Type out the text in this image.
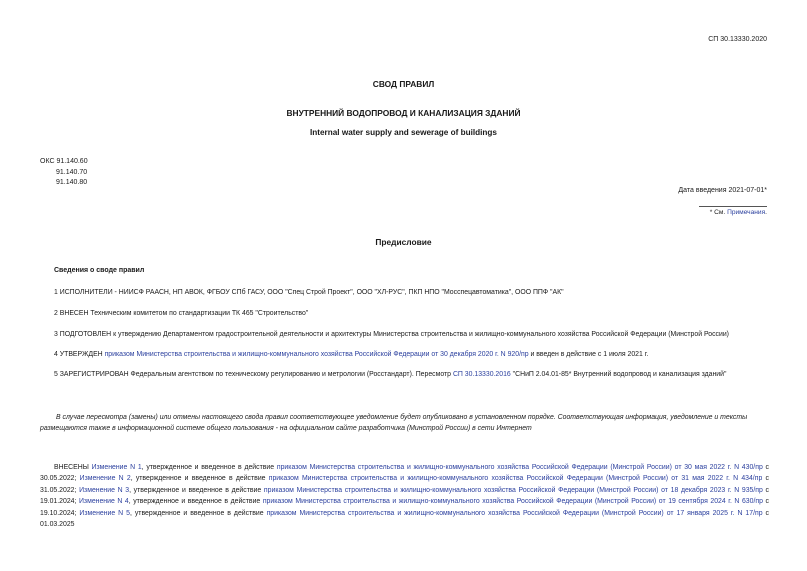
СП 30.13330.2020
СВОД ПРАВИЛ
ВНУТРЕННИЙ ВОДОПРОВОД И КАНАЛИЗАЦИЯ ЗДАНИЙ
Internal water supply and sewerage of buildings
ОКС 91.140.60
91.140.70
91.140.80
Дата введения 2021-07-01*
* См. Примечания.
Предисловие
Сведения о своде правил
1 ИСПОЛНИТЕЛИ - НИИСФ РААСН, НП АВОК, ФГБОУ СПб ГАСУ, ООО "Спец Строй Проект", ООО "ХЛ-РУС", ПКП НПО "Мосспецавтоматика", ООО ППФ "АК"
2 ВНЕСЕН Техническим комитетом по стандартизации ТК 465 "Строительство"
3 ПОДГОТОВЛЕН к утверждению Департаментом градостроительной деятельности и архитектуры Министерства строительства и жилищно-коммунального хозяйства Российской Федерации (Минстрой России)
4 УТВЕРЖДЕН приказом Министерства строительства и жилищно-коммунального хозяйства Российской Федерации от 30 декабря 2020 г. N 920/пр и введен в действие с 1 июля 2021 г.
5 ЗАРЕГИСТРИРОВАН Федеральным агентством по техническому регулированию и метрологии (Росстандарт). Пересмотр СП 30.13330.2016 "СНиП 2.04.01-85* Внутренний водопровод и канализация зданий"
В случае пересмотра (замены) или отмены настоящего свода правил соответствующее уведомление будет опубликовано в установленном порядке. Соответствующая информация, уведомление и тексты размещаются также в информационной системе общего пользования - на официальном сайте разработчика (Минстрой России) в сети Интернет
ВНЕСЕНЫ Изменение N 1, утвержденное и введенное в действие приказом Министерства строительства и жилищно-коммунального хозяйства Российской Федерации (Минстрой России) от 30 мая 2022 г. N 430/пр с 30.05.2022; Изменение N 2, утвержденное и введенное в действие приказом Министерства строительства и жилищно-коммунального хозяйства Российской Федерации (Минстрой России) от 31 мая 2022 г. N 434/пр с 31.05.2022; Изменение N 3, утвержденное и введенное в действие приказом Министерства строительства и жилищно-коммунального хозяйства Российской Федерации (Минстрой России) от 18 декабря 2023 г. N 935/пр с 19.01.2024; Изменение N 4, утвержденное и введенное в действие приказом Министерства строительства и жилищно-коммунального хозяйства Российской Федерации (Минстрой России) от 19 сентября 2024 г. N 630/пр с 19.10.2024; Изменение N 5, утвержденное и введенное в действие приказом Министерства строительства и жилищно-коммунального хозяйства Российской Федерации (Минстрой России) от 17 января 2025 г. N 17/пр с 01.03.2025
